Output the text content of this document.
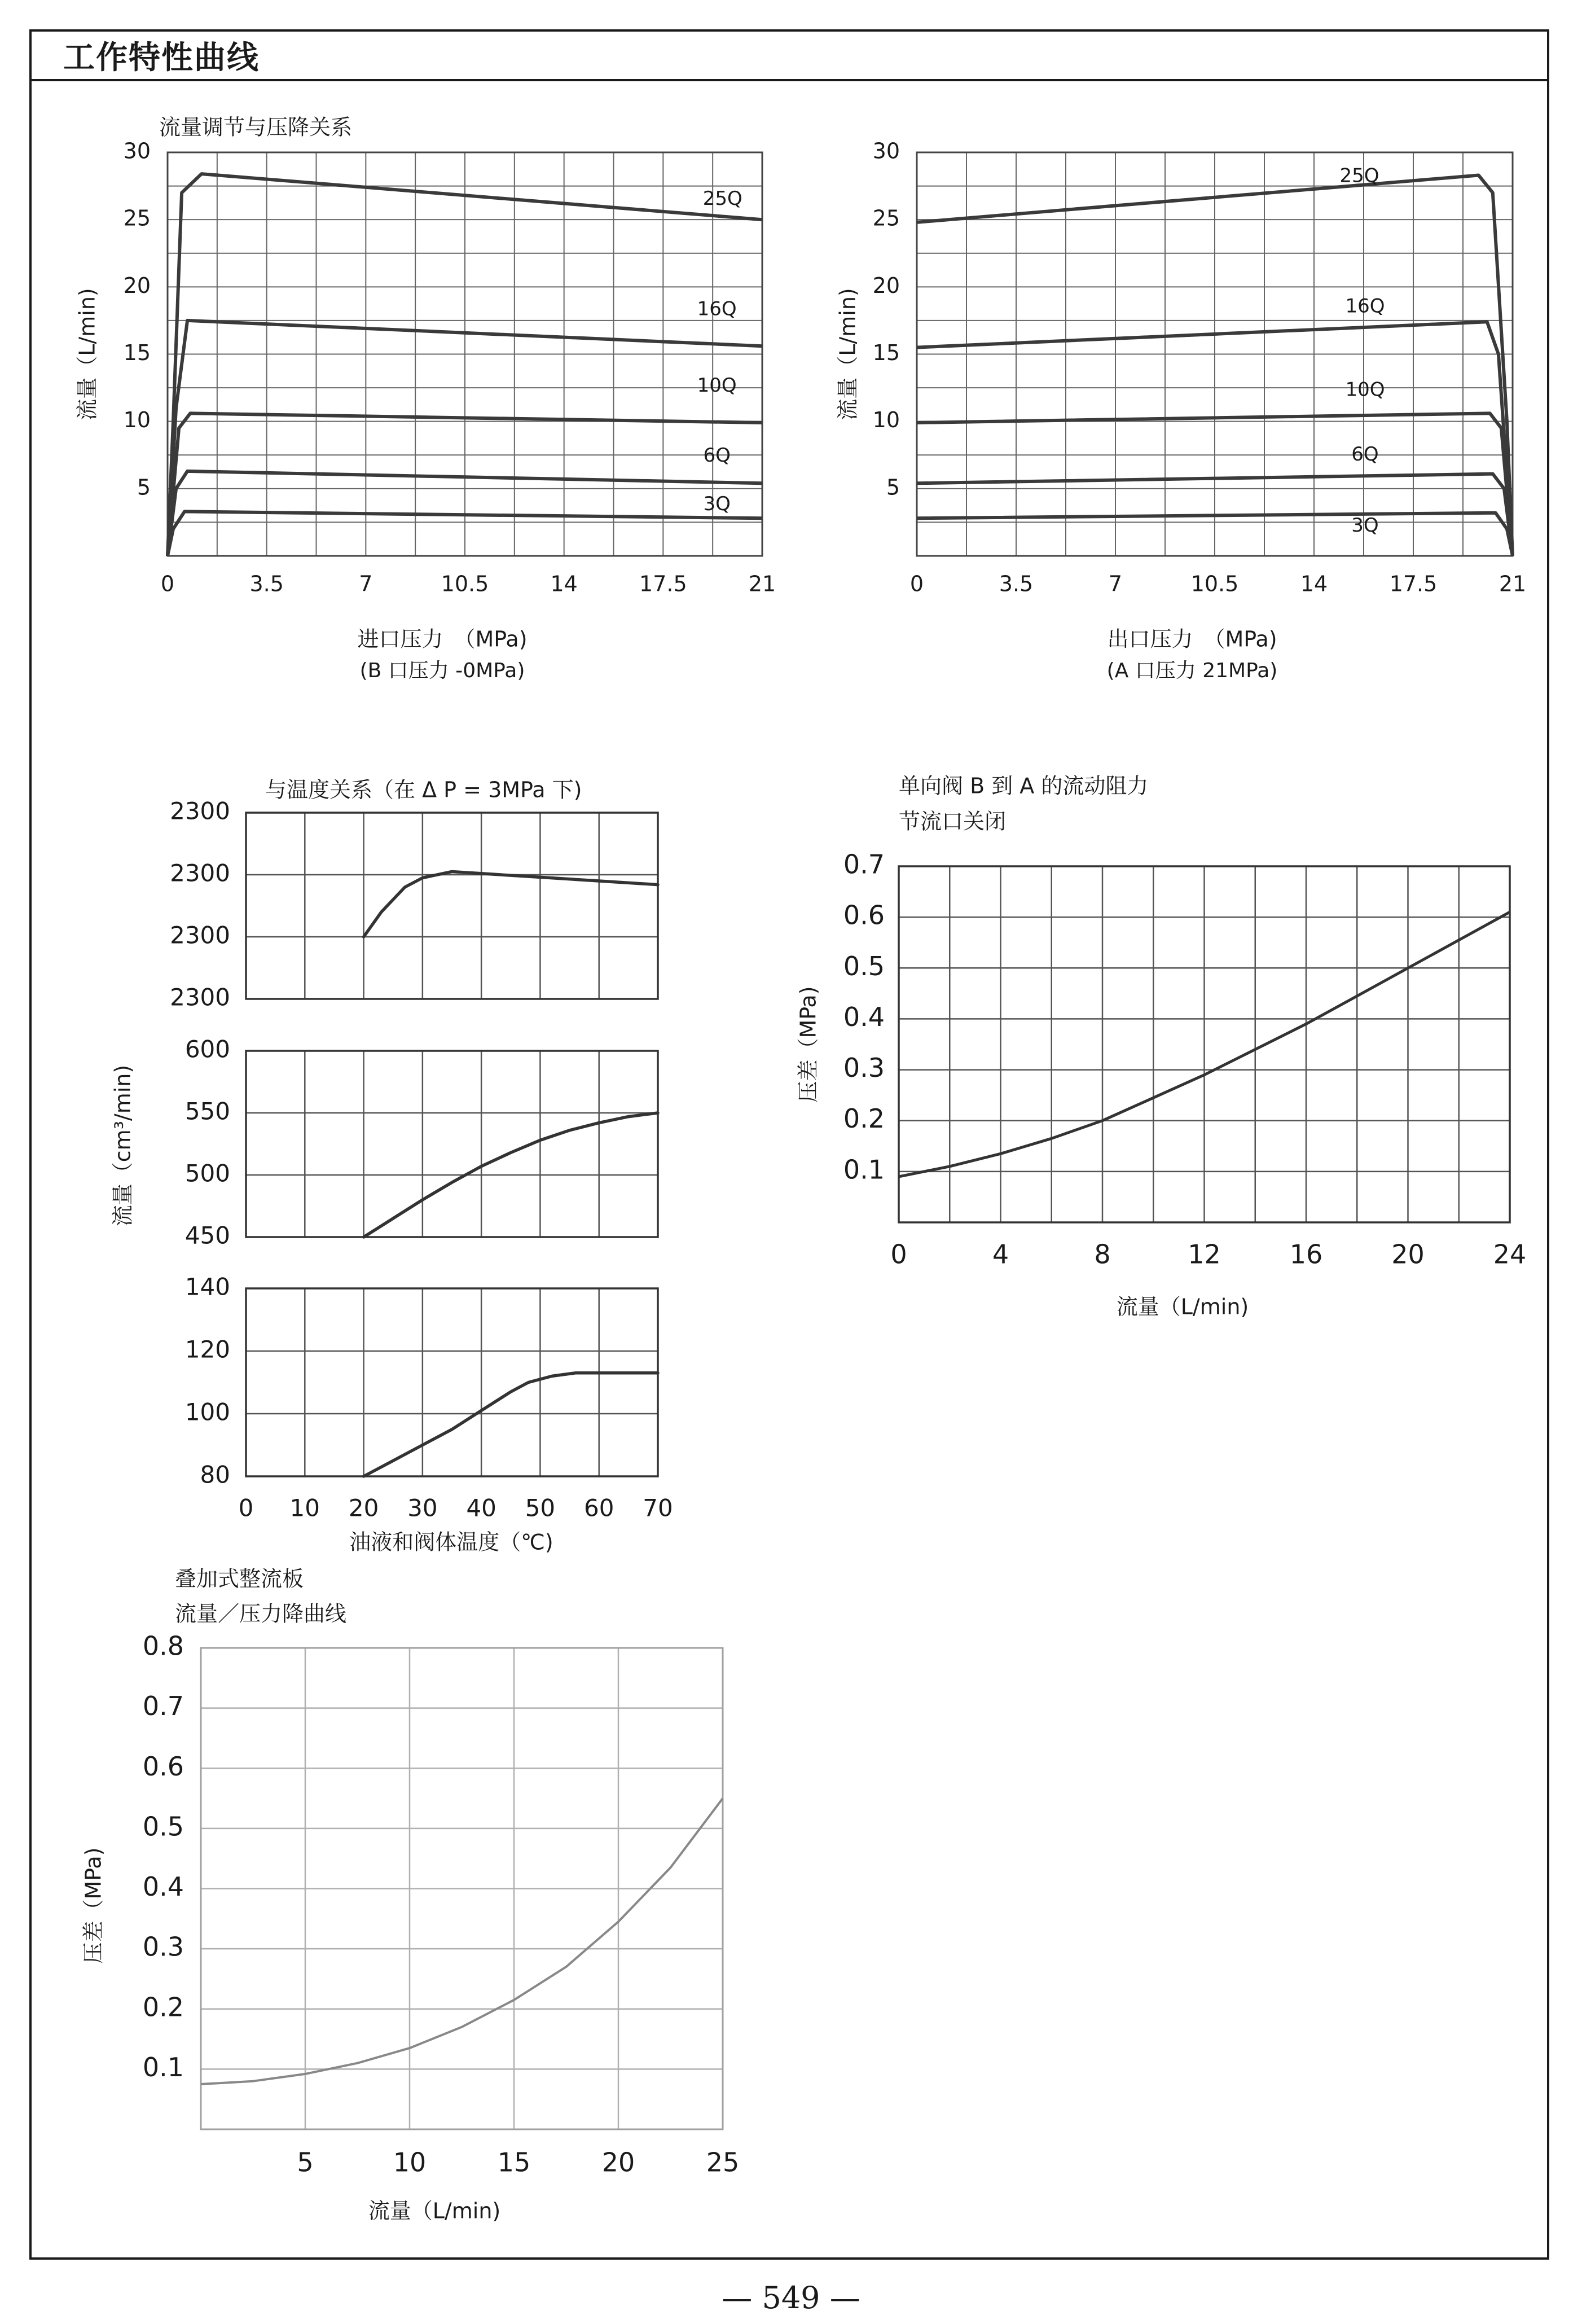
工作特性曲线
流量调节与压降关系
5
10
15
20
25
30
0	3.5	7	10.5	14	17.5	21
流量（L/min)
进口压力　（MPa)
(B 口压力 -0MPa)
25Q
16Q
10Q
6Q
3Q
5
10
15
20
25
30
0	3.5	7	10.5	14	17.5	21
流量（L/min)
出口压力　（MPa)
(A 口压力 21MPa)
25Q
16Q
10Q
6Q
3Q
与温度关系（在 Δ P = 3MPa 下)
2300
2300
2300
2300
450
500
550
600
80
100
120
140
0 10 20 30 40 50 60 70
流量（cm³/min)
油液和阀体温度（℃)
单向阀 B 到 A 的流动阻力
节流口关闭
0.1
0.2
0.3
0.4
0.5
0.6
0.7
0	4	8	12	16	20	24
压差（MPa)
流量（L/min)
叠加式整流板
流量／压力降曲线
0.1
0.2
0.3
0.4
0.5
0.6
0.7
0.8
5	10	15	20	25
压差（MPa)
流量（L/min)
— 549 —
